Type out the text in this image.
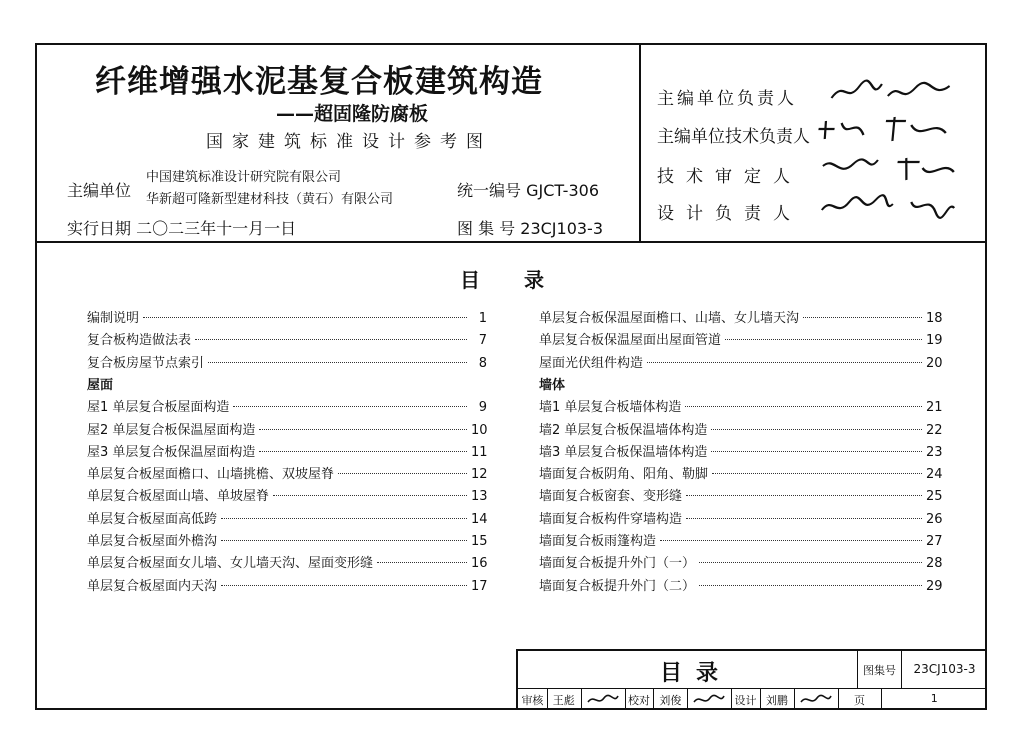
纤维增强水泥基复合板建筑构造
——超固隆防腐板
国家建筑标准设计参考图
主编单位
中国建筑标准设计研究院有限公司
华新超可隆新型建材科技（黄石）有限公司	统一编号 GJCT-306
实行日期 二〇二三年十一月一日	图 集 号 23CJ103-3
主编单位负责人
主编单位技术负责人
技术审定人
设计负责人
目录
编制说明	1
复合板构造做法表	7
复合板房屋节点索引	8
屋面
屋1 单层复合板屋面构造	9
屋2 单层复合板保温屋面构造	10
屋3 单层复合板保温屋面构造	11
单层复合板屋面檐口、山墙挑檐、双坡屋脊	12
单层复合板屋面山墙、单坡屋脊	13
单层复合板屋面高低跨	14
单层复合板屋面外檐沟	15
单层复合板屋面女儿墙、女儿墙天沟、屋面变形缝	16
单层复合板屋面内天沟	17
单层复合板保温屋面檐口、山墙、女儿墙天沟	18
单层复合板保温屋面出屋面管道	19
屋面光伏组件构造	20
墙体
墙1 单层复合板墙体构造	21
墙2 单层复合板保温墙体构造	22
墙3 单层复合板保温墙体构造	23
墙面复合板阴角、阳角、勒脚	24
墙面复合板窗套、变形缝	25
墙面复合板构件穿墙构造	26
墙面复合板雨篷构造	27
墙面复合板提升外门（一）	28
墙面复合板提升外门（二）	29
目录	图集号	23CJ103-3
审核 王彪	校对 刘俊	设计 刘鹏	页	1
